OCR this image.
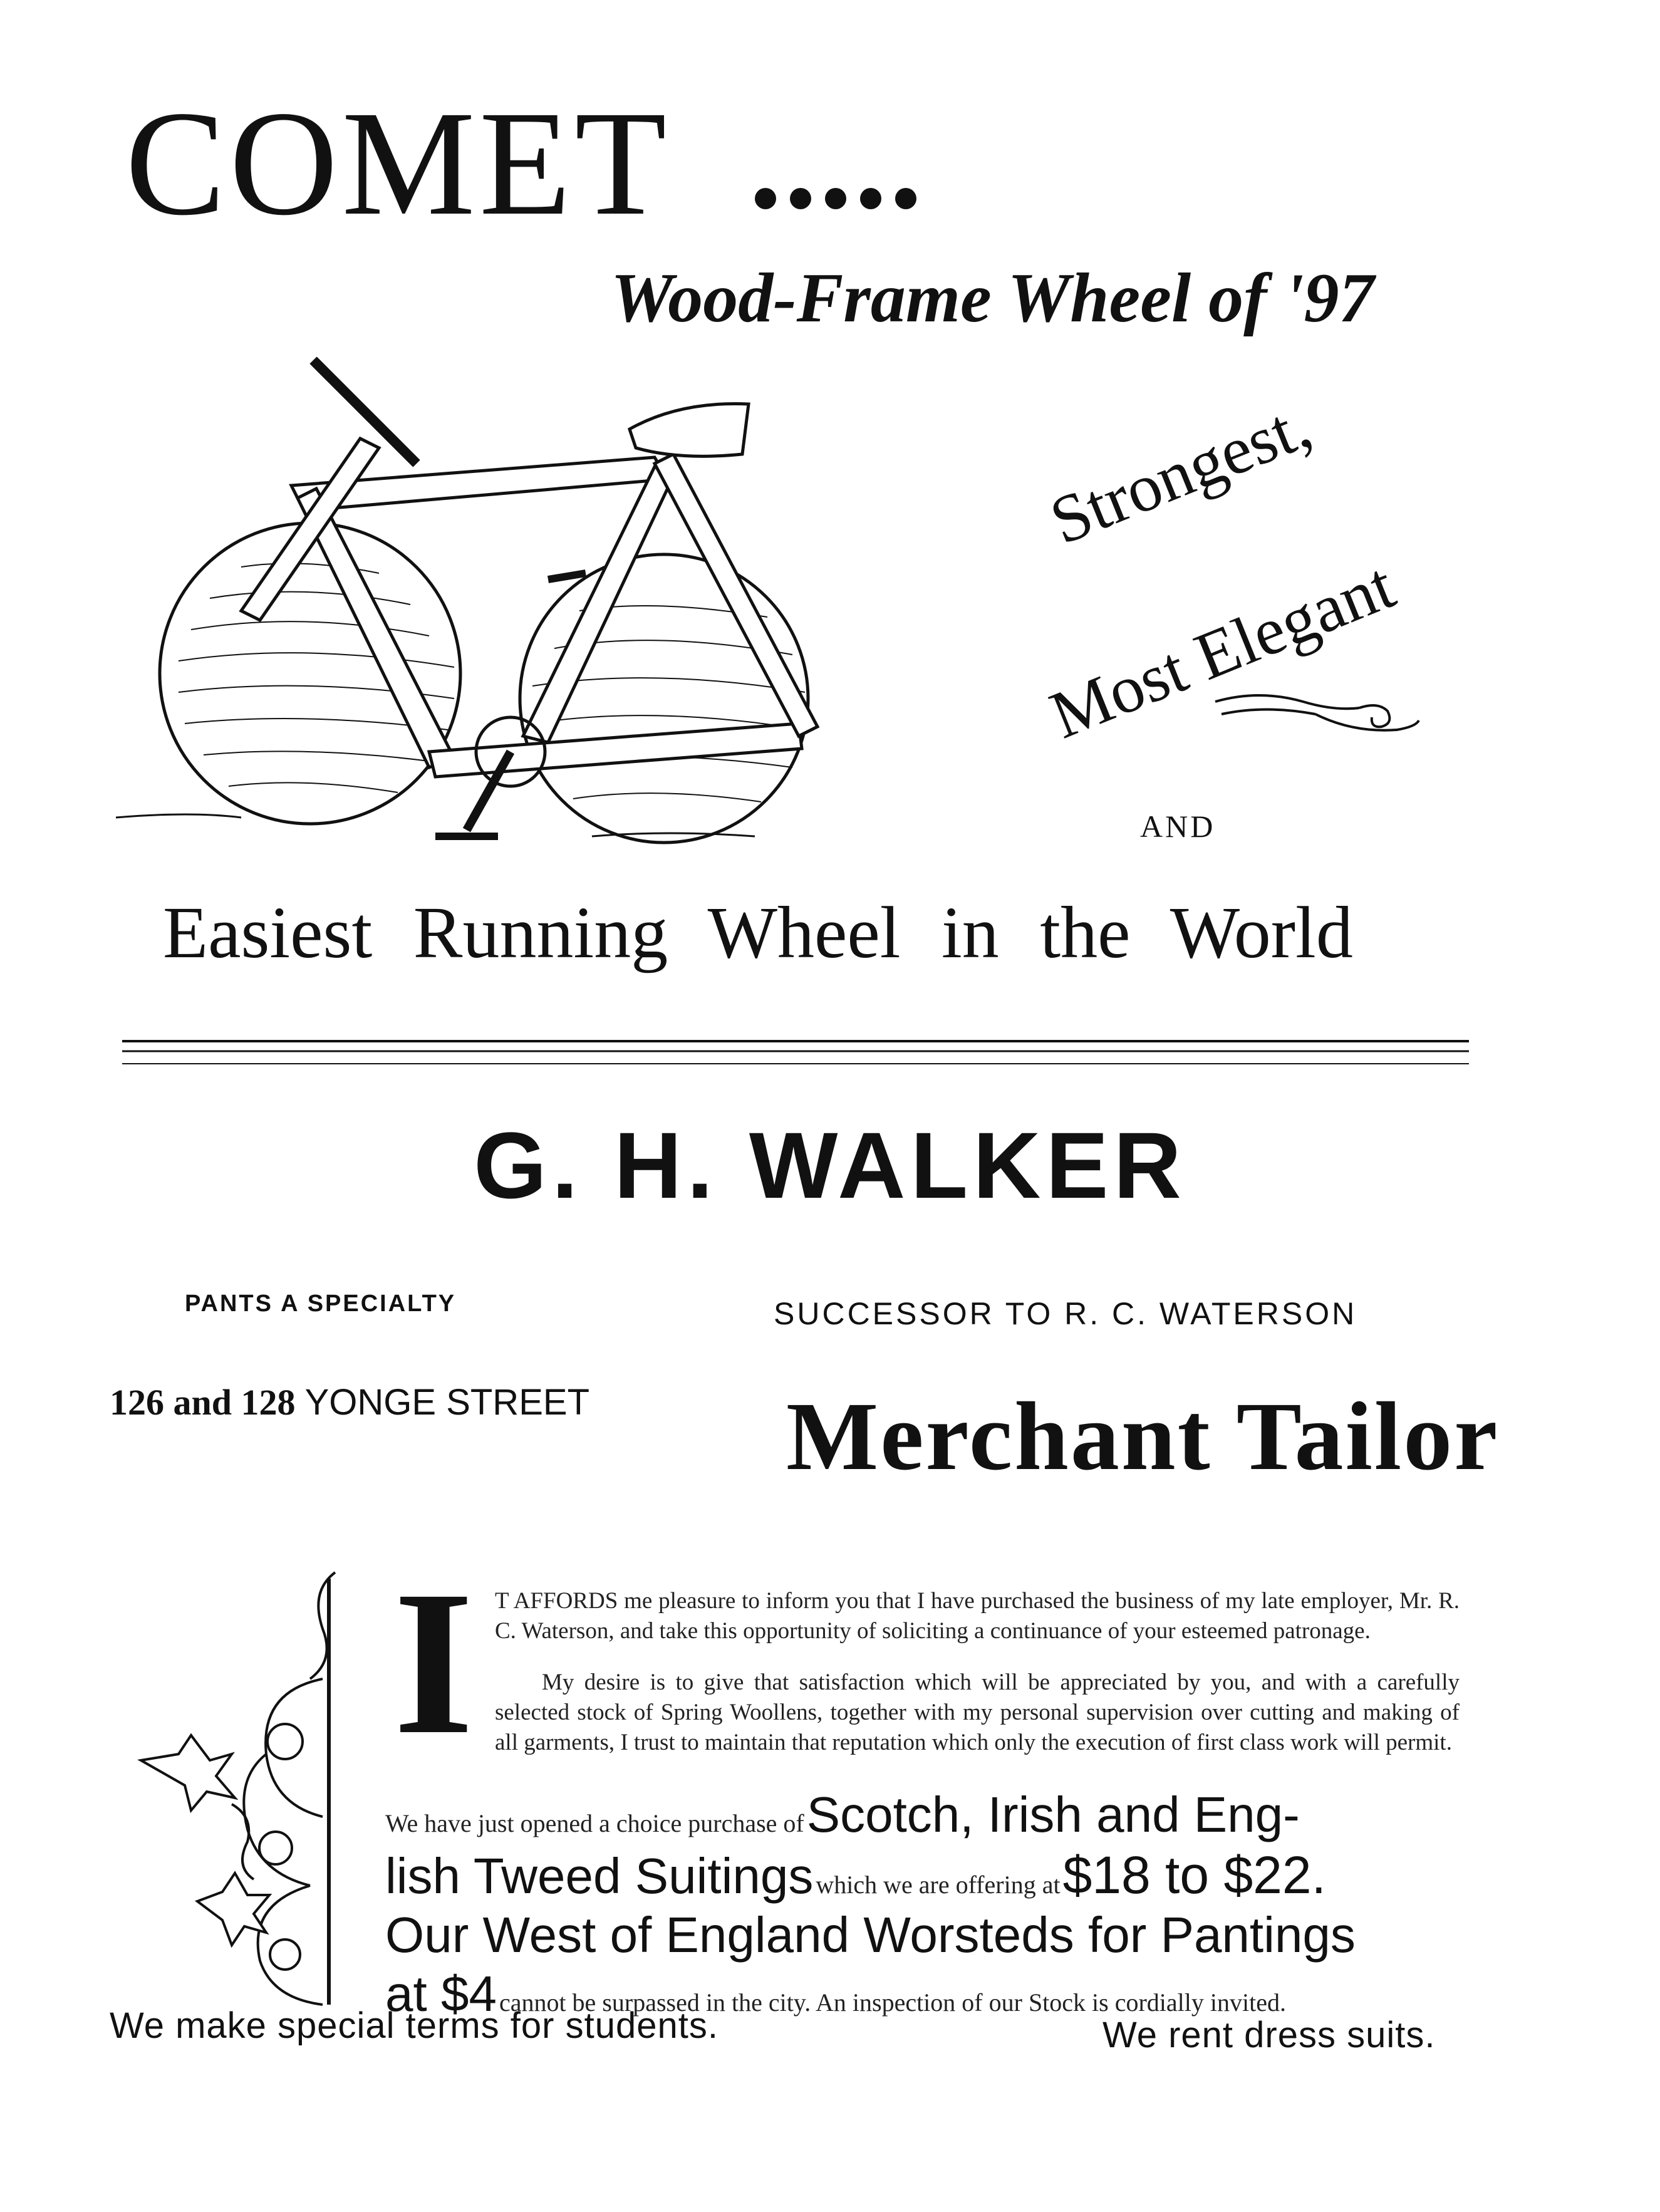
COMET
Wood-Frame Wheel of '97
Strongest,
Most Elegant
AND
Easiest Running Wheel in the World
G. H. WALKER
PANTS A SPECIALTY	SUCCESSOR TO R. C. WATERSON
126 and 128 YONGE STREET Merchant Tailor
I T AFFORDS me pleasure to inform you that I have purchased the business of my late employer, Mr. R. C. Waterson, and take this opportunity of soliciting a continuance of your esteemed patronage.

My desire is to give that satisfaction which will be appreciated by you, and with a carefully selected stock of Spring Woollens, together with my personal supervision over cutting and making of all garments, I trust to maintain that reputation which only the execution of first class work will permit.

We have just opened a choice purchase of Scotch, Irish and Eng-
lish Tweed Suitings which we are offering at $18 to $22.
Our West of England Worsteds for Pantings
at $4 cannot be surpassed in the city. An inspection of our Stock is cordially invited.
We make special terms for students.	We rent dress suits.
